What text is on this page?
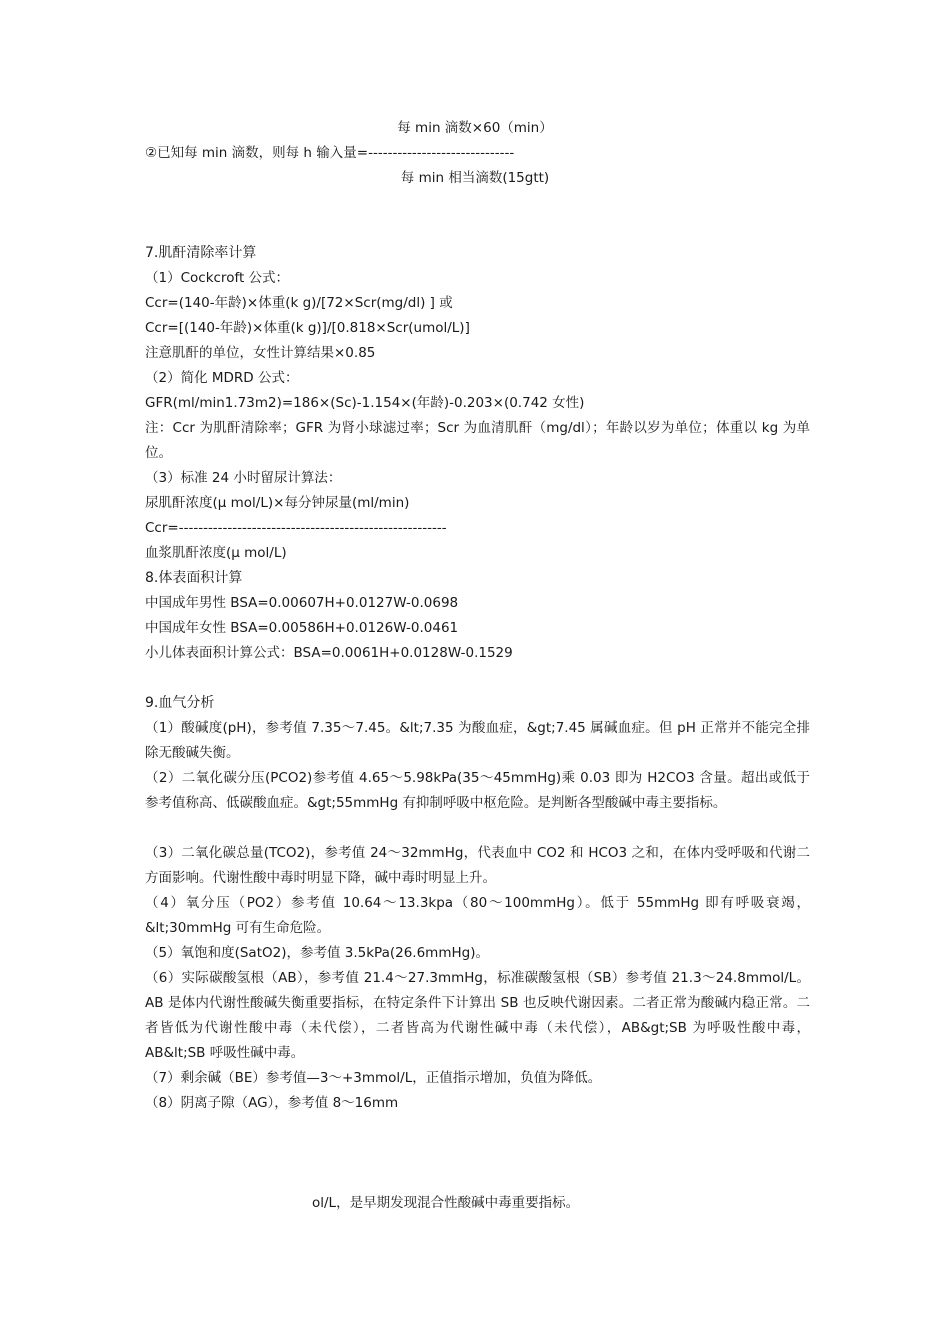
每 min 滴数×60（min）
②已知每 min 滴数，则每 h 输入量=------------------------------
每 min 相当滴数(15gtt)
7.肌酐清除率计算
（1）Cockcroft 公式：
Ccr=(140-年龄)×体重(k g)/[72×Scr(mg/dl) ] 或
Ccr=[(140-年龄)×体重(k g)]/[0.818×Scr(umol/L)]
注意肌酐的单位，女性计算结果×0.85
（2）简化 MDRD 公式：
GFR(ml/min1.73m2)=186×(Sc)-1.154×(年龄)-0.203×(0.742 女性)
注：Ccr 为肌酐清除率；GFR 为肾小球滤过率；Scr 为血清肌酐（mg/dl）；年龄以岁为单位；体重以 kg 为单位。
（3）标准 24 小时留尿计算法：
尿肌酐浓度(μ mol/L)×每分钟尿量(ml/min)
Ccr=-------------------------------------------------------
血浆肌酐浓度(μ mol/L)
8.体表面积计算
中国成年男性 BSA=0.00607H+0.0127W-0.0698
中国成年女性 BSA=0.00586H+0.0126W-0.0461
小儿体表面积计算公式：BSA=0.0061H+0.0128W-0.1529
9.血气分析
（1）酸碱度(pH)，参考值 7.35～7.45。&lt;7.35 为酸血症，&gt;7.45 属碱血症。但 pH 正常并不能完全排除无酸碱失衡。
（2）二氧化碳分压(PCO2)参考值 4.65～5.98kPa(35～45mmHg)乘 0.03 即为 H2CO3 含量。超出或低于参考值称高、低碳酸血症。&gt;55mmHg 有抑制呼吸中枢危险。是判断各型酸碱中毒主要指标。
（3）二氧化碳总量(TCO2)，参考值 24～32mmHg，代表血中 CO2 和 HCO3 之和，在体内受呼吸和代谢二方面影响。代谢性酸中毒时明显下降，碱中毒时明显上升。
（4）氧分压（PO2）参考值 10.64～13.3kpa（80～100mmHg）。低于 55mmHg 即有呼吸衰竭，&lt;30mmHg 可有生命危险。
（5）氧饱和度(SatO2)，参考值 3.5kPa(26.6mmHg)。
（6）实际碳酸氢根（AB），参考值 21.4～27.3mmHg，标准碳酸氢根（SB）参考值 21.3～24.8mmol/L。AB 是体内代谢性酸碱失衡重要指标，在特定条件下计算出 SB 也反映代谢因素。二者正常为酸碱内稳正常。二者皆低为代谢性酸中毒（未代偿），二者皆高为代谢性碱中毒（未代偿），AB&gt;SB 为呼吸性酸中毒，AB&lt;SB 呼吸性碱中毒。
（7）剩余碱（BE）参考值—3～+3mmol/L，正值指示增加，负值为降低。
（8）阴离子隙（AG），参考值 8～16mm
ol/L，是早期发现混合性酸碱中毒重要指标。
